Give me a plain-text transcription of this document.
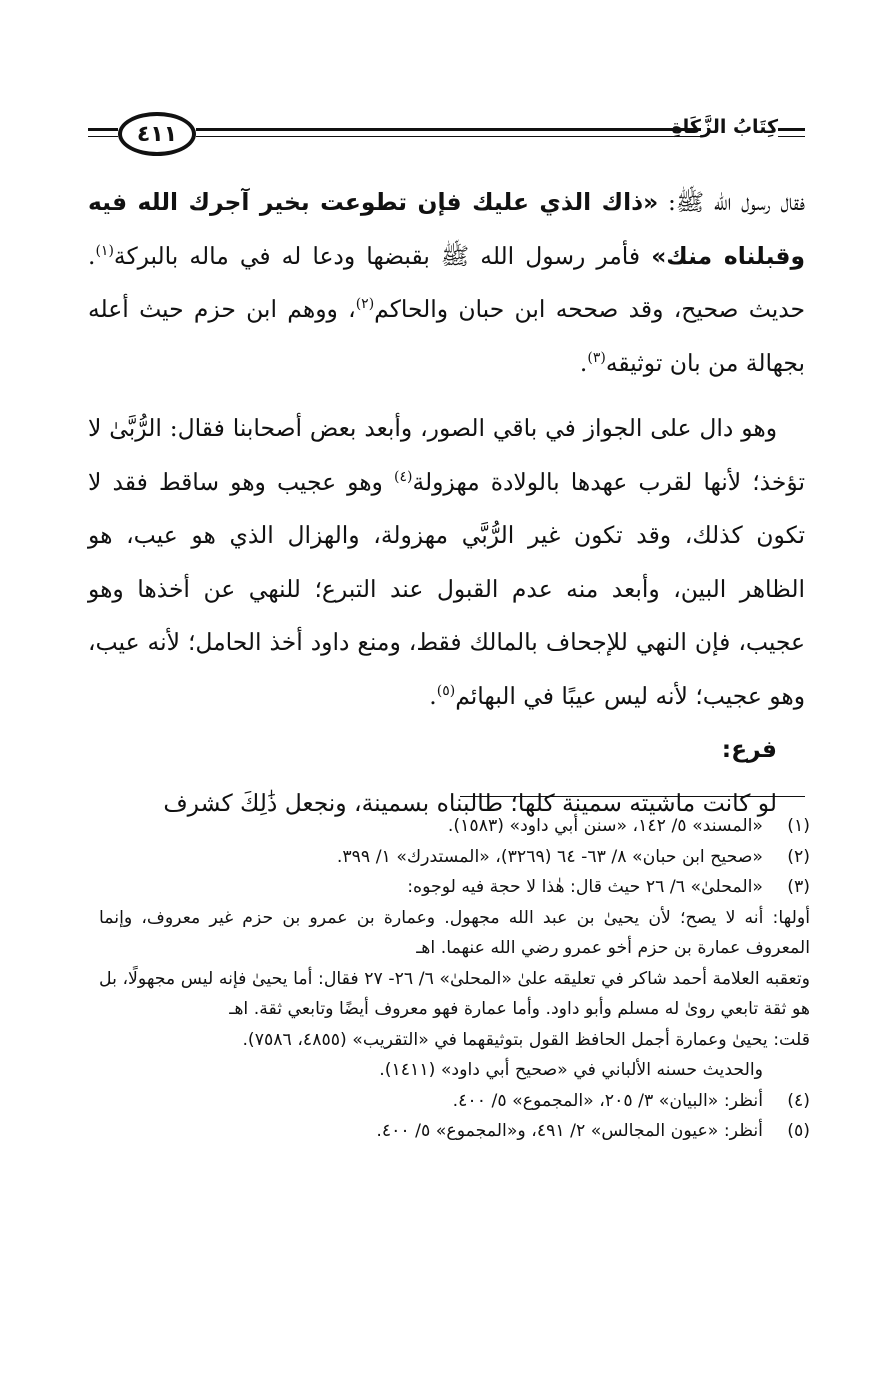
٤١١	كِتَابُ الزَّكَاةِ

فقال رسول الله ﷺ: «ذاك الذي عليك فإن تطوعت بخير آجرك الله فيه وقبلناه منك» فأمر رسول الله ﷺ بقبضها ودعا له في ماله بالبركة$^{(١)}$. حديث صحيح، وقد صححه ابن حبان والحاكم$^{(٢)}$، ووهم ابن حزم حيث أعله بجهالة من بان توثيقه$^{(٣)}$.

وهو دال على الجواز في باقي الصور، وأبعد بعض أصحابنا فقال: الرُّبَّىٰ لا تؤخذ؛ لأنها لقرب عهدها بالولادة مهزولة$^{(٤)}$ وهو عجيب وهو ساقط فقد لا تكون كذلك، وقد تكون غير الرُّبَّي مهزولة، والهزال الذي هو عيب، هو الظاهر البين، وأبعد منه عدم القبول عند التبرع؛ للنهي عن أخذها وهو عجيب، فإن النهي للإجحاف بالمالك فقط، ومنع داود أخذ الحامل؛ لأنه عيب، وهو عجيب؛ لأنه ليس عيبًا في البهائم$^{(٥)}$.

فرع:

لو كانت ماشيته سمينة كلها؛ طالبناه بسمينة، ونجعل ذَٰلِكَ كشرف

(١)
«المسند» ٥/ ١٤٢، «سنن أبي داود» (١٥٨٣).

(٢)
«صحيح ابن حبان» ٨/ ٦٣- ٦٤ (٣٢٦٩)، «المستدرك» ١/ ٣٩٩.

(٣)
«المحلىٰ» ٦/ ٢٦ حيث قال: هٰذا لا حجة فيه لوجوه:

أولها: أنه لا يصح؛ لأن يحيىٰ بن عبد الله مجهول. وعمارة بن عمرو بن حزم غير معروف، وإنما المعروف عمارة بن حزم أخو عمرو رضي الله عنهما. اهـ

وتعقبه العلامة أحمد شاكر في تعليقه علىٰ «المحلىٰ» ٦/ ٢٦- ٢٧ فقال: أما يحيىٰ فإنه ليس مجهولًا، بل هو ثقة تابعي روىٰ له مسلم وأبو داود. وأما عمارة فهو معروف أيضًا وتابعي ثقة. اهـ

قلت: يحيىٰ وعمارة أجمل الحافظ القول بتوثيقهما في «التقريب» (٤٨٥٥، ٧٥٨٦).

والحديث حسنه الألباني في «صحيح أبي داود» (١٤١١).

(٤)
أنظر: «البيان» ٣/ ٢٠٥، «المجموع» ٥/ ٤٠٠.

(٥)
أنظر: «عيون المجالس» ٢/ ٤٩١، و«المجموع» ٥/ ٤٠٠.
